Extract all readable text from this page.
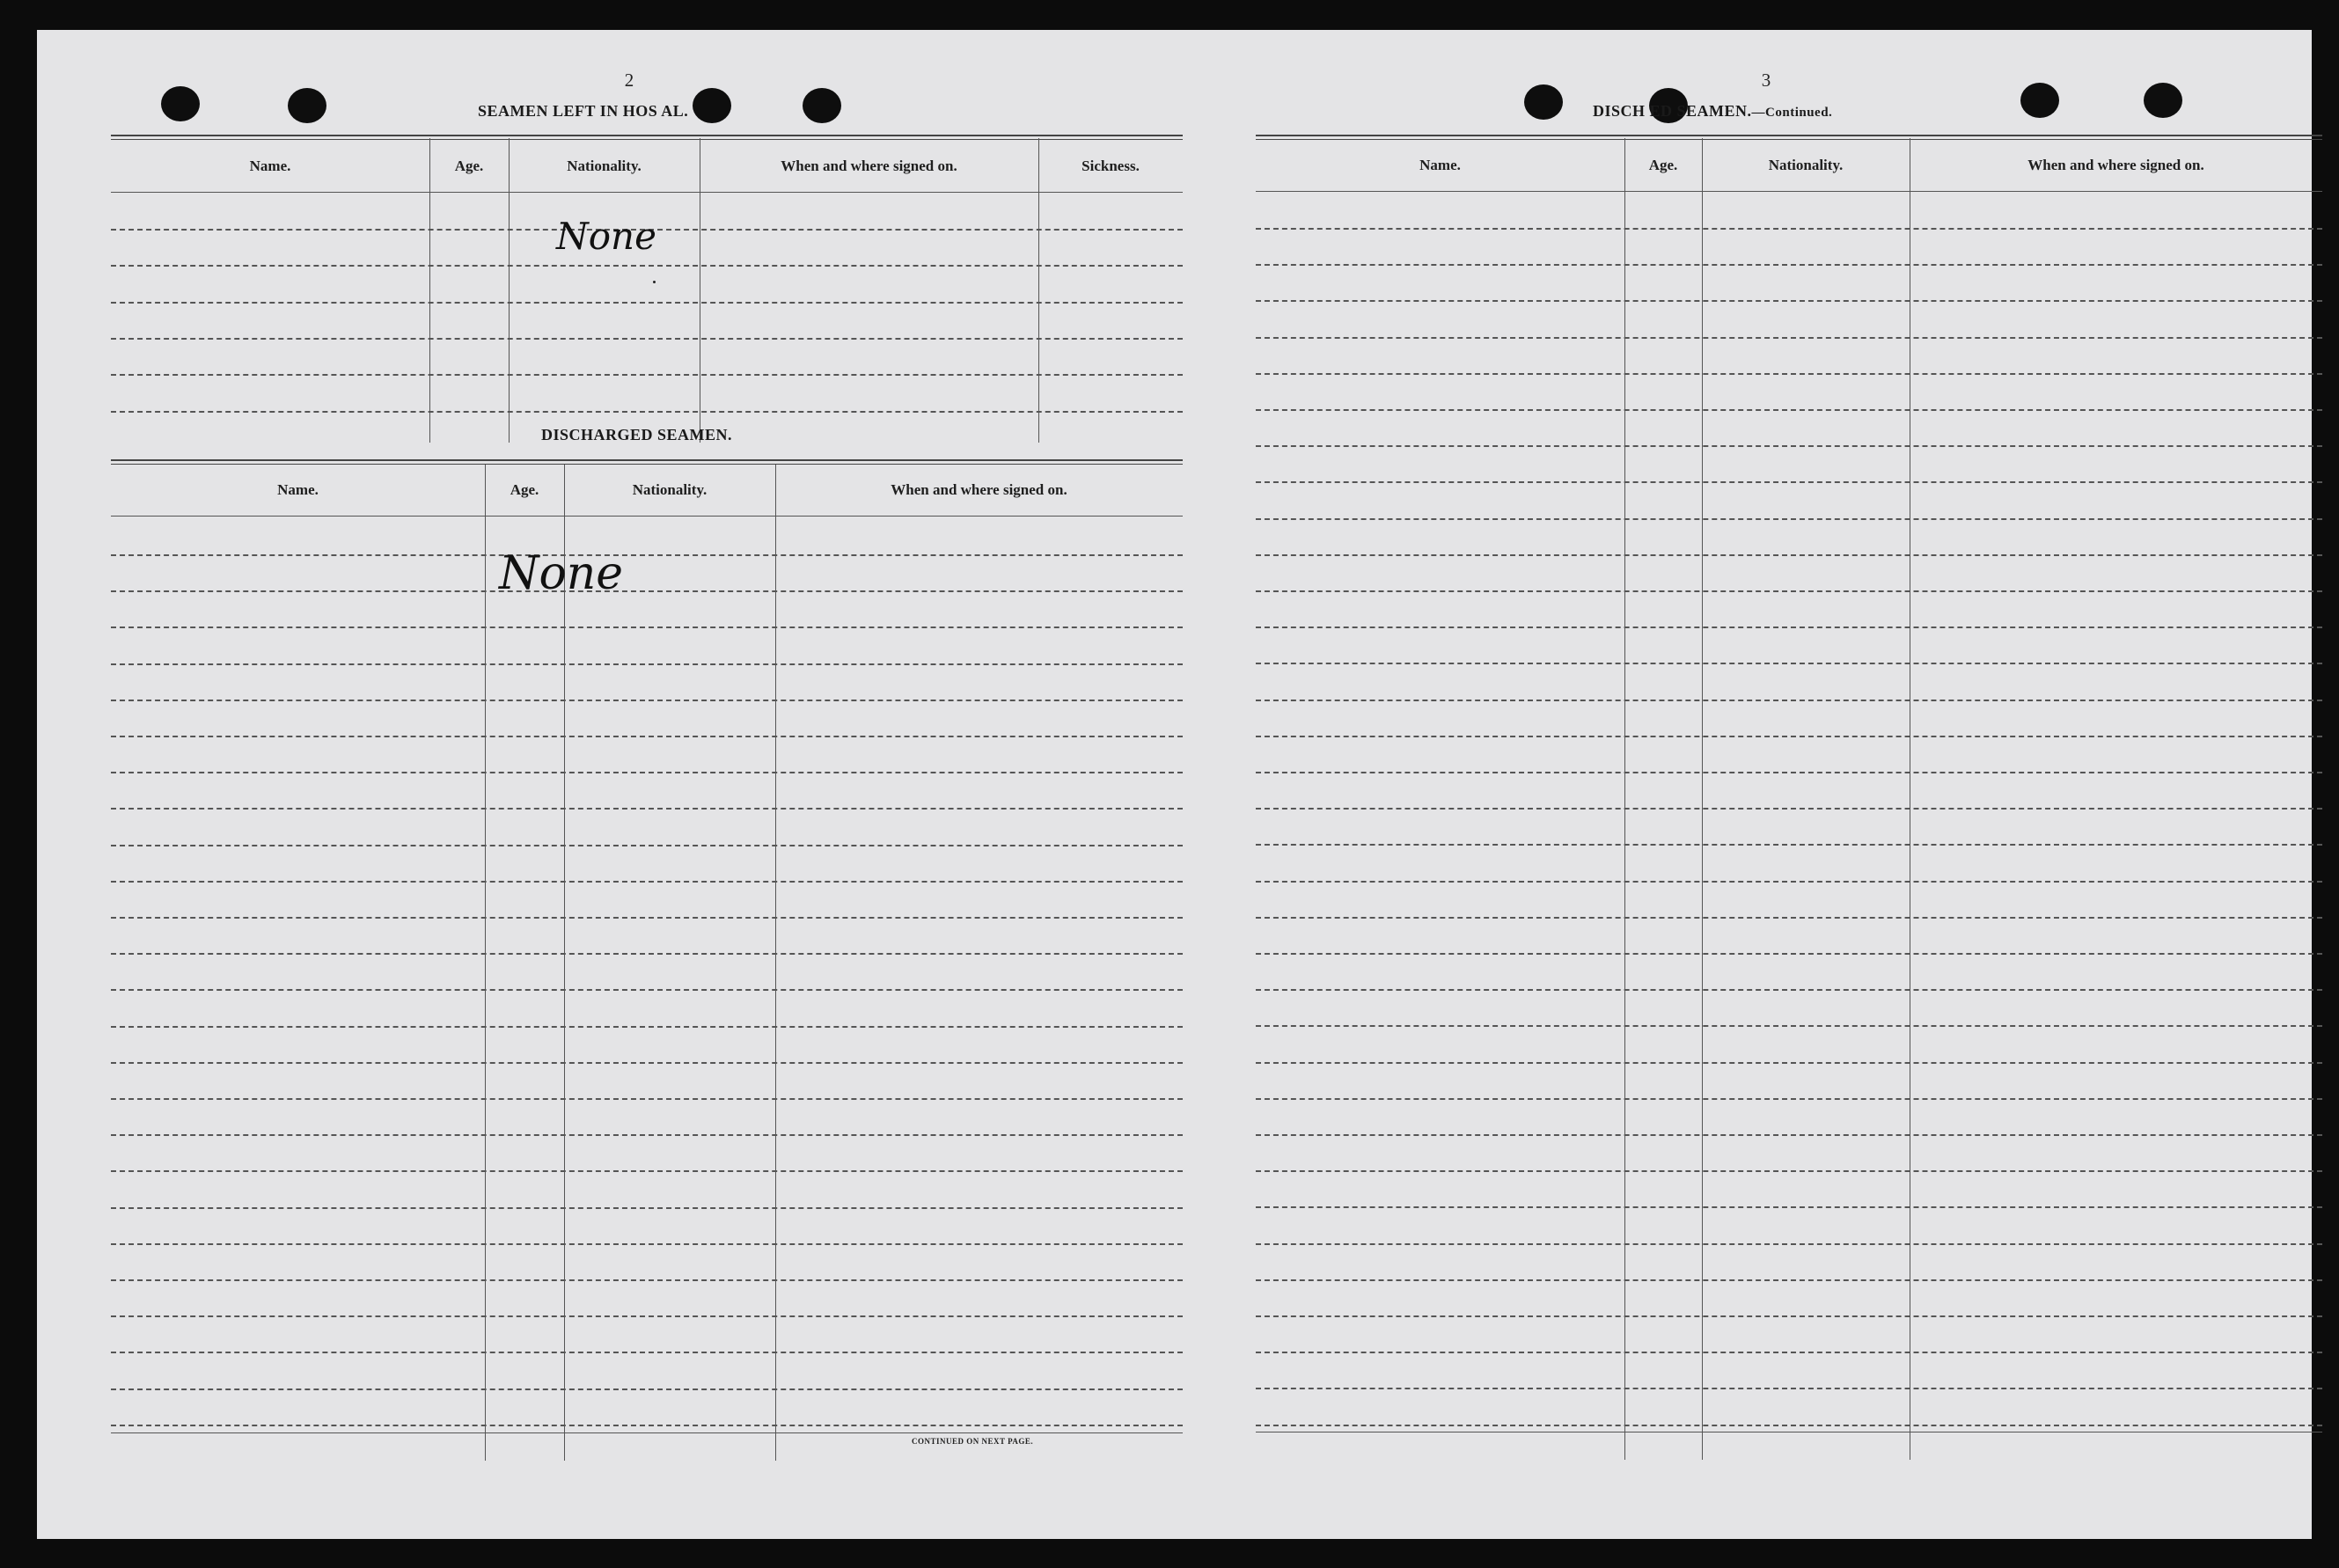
2
SEAMEN LEFT IN HOS AL.
Name.	Age.	Nationality.	When and where signed on.	Sickness.
None
DISCHARGED SEAMEN.
Name.	Age.	Nationality.	When and where signed on.
None
CONTINUED ON NEXT PAGE.
3
DISCH ED SEAMEN.—Continued.
Name.	Age.	Nationality.	When and where signed on.
